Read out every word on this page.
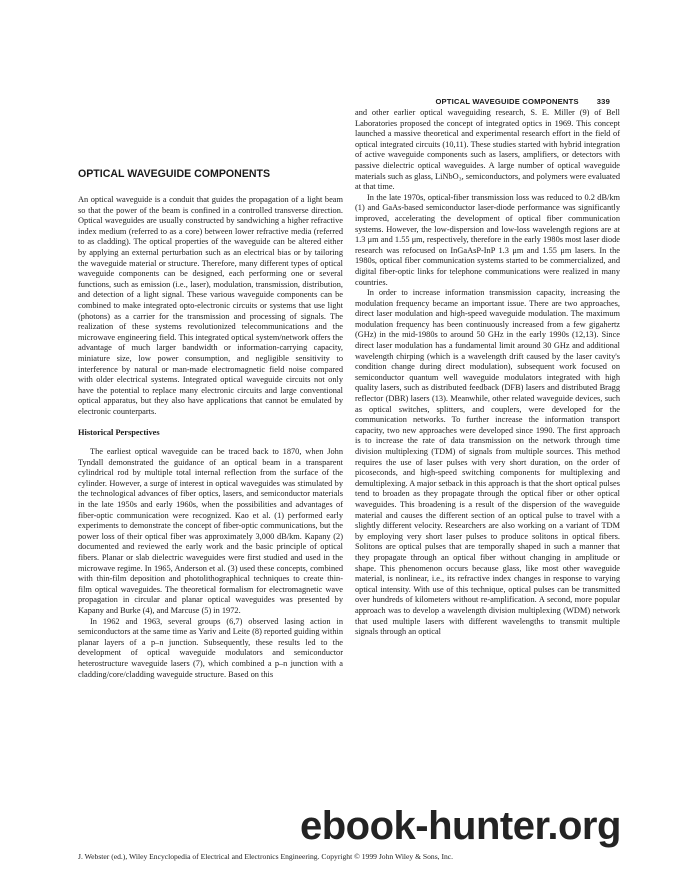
OPTICAL WAVEGUIDE COMPONENTS 339
OPTICAL WAVEGUIDE COMPONENTS

An optical waveguide is a conduit that guides the propagation of a light beam so that the power of the beam is confined in a controlled transverse direction. Optical waveguides are usually constructed by sandwiching a higher refractive index medium (referred to as a core) between lower refractive media (referred to as cladding). The optical properties of the waveguide can be altered either by applying an external perturbation such as an electrical bias or by tailoring the waveguide material or structure. Therefore, many different types of optical waveguide components can be designed, each performing one or several functions, such as emission (i.e., laser), modulation, transmission, distribution, and detection of a light signal. These various waveguide components can be combined to make integrated opto-electronic circuits or systems that use light (photons) as a carrier for the transmission and processing of signals. The realization of these systems revolutionized telecommunications and the microwave engineering field. This integrated optical system/network offers the advantage of much larger bandwidth or information-carrying capacity, miniature size, low power consumption, and negligible sensitivity to interference by natural or man-made electromagnetic field noise compared with older electrical systems. Integrated optical waveguide circuits not only have the potential to replace many electronic circuits and large conventional optical apparatus, but they also have applications that cannot be emulated by electronic counterparts.

Historical Perspectives

The earliest optical waveguide can be traced back to 1870, when John Tyndall demonstrated the guidance of an optical beam in a transparent cylindrical rod by multiple total internal reflection from the surface of the cylinder. However, a surge of interest in optical waveguides was stimulated by the technological advances of fiber optics, lasers, and semiconductor materials in the late 1950s and early 1960s, when the possibilities and advantages of fiber-optic communication were recognized. Kao et al. (1) performed early experiments to demonstrate the concept of fiber-optic communications, but the power loss of their optical fiber was approximately 3,000 dB/km. Kapany (2) documented and reviewed the early work and the basic principle of optical fibers. Planar or slab dielectric waveguides were first studied and used in the microwave regime. In 1965, Anderson et al. (3) used these concepts, combined with thin-film deposition and photolithographical techniques to create thin-film optical waveguides. The theoretical formalism for electromagnetic wave propagation in circular and planar optical waveguides was presented by Kapany and Burke (4), and Marcuse (5) in 1972.

In 1962 and 1963, several groups (6,7) observed lasing action in semiconductors at the same time as Yariv and Leite (8) reported guiding within planar layers of a p–n junction. Subsequently, these results led to the development of optical waveguide modulators and semiconductor heterostructure waveguide lasers (7), which combined a p–n junction with a cladding/core/cladding waveguide structure. Based on this

and other earlier optical waveguiding research, S. E. Miller (9) of Bell Laboratories proposed the concept of integrated optics in 1969. This concept launched a massive theoretical and experimental research effort in the field of optical integrated circuits (10,11). These studies started with hybrid integration of active waveguide components such as lasers, amplifiers, or detectors with passive dielectric optical waveguides. A large number of optical waveguide materials such as glass, LiNbO₃, semiconductors, and polymers were evaluated at that time.

In the late 1970s, optical-fiber transmission loss was reduced to 0.2 dB/km (1) and GaAs-based semiconductor laser-diode performance was significantly improved, accelerating the development of optical fiber communication systems. However, the low-dispersion and low-loss wavelength regions are at 1.3 μm and 1.55 μm, respectively, therefore in the early 1980s most laser diode research was refocused on InGaAsP-InP 1.3 μm and 1.55 μm lasers. In the 1980s, optical fiber communication systems started to be commercialized, and digital fiber-optic links for telephone communications were realized in many countries.

In order to increase information transmission capacity, increasing the modulation frequency became an important issue. There are two approaches, direct laser modulation and high-speed waveguide modulation. The maximum modulation frequency has been continuously increased from a few gigahertz (GHz) in the mid-1980s to around 50 GHz in the early 1990s (12,13). Since direct laser modulation has a fundamental limit around 30 GHz and additional wavelength chirping (which is a wavelength drift caused by the laser cavity's condition change during direct modulation), subsequent work focused on semiconductor quantum well waveguide modulators integrated with high quality lasers, such as distributed feedback (DFB) lasers and distributed Bragg reflector (DBR) lasers (13). Meanwhile, other related waveguide devices, such as optical switches, splitters, and couplers, were developed for the communication networks. To further increase the information transport capacity, two new approaches were developed since 1990. The first approach is to increase the rate of data transmission on the network through time division multiplexing (TDM) of signals from multiple sources. This method requires the use of laser pulses with very short duration, on the order of picoseconds, and high-speed switching components for multiplexing and demultiplexing. A major setback in this approach is that the short optical pulses tend to broaden as they propagate through the optical fiber or other optical waveguides. This broadening is a result of the dispersion of the waveguide material and causes the different section of an optical pulse to travel with a slightly different velocity. Researchers are also working on a variant of TDM by employing very short laser pulses to produce solitons in optical fibers. Solitons are optical pulses that are temporally shaped in such a manner that they propagate through an optical fiber without changing in amplitude or shape. This phenomenon occurs because glass, like most other waveguide material, is nonlinear, i.e., its refractive index changes in response to varying optical intensity. With use of this technique, optical pulses can be transmitted over hundreds of kilometers without re-amplification. A second, more popular approach was to develop a wavelength division multiplexing (WDM) network that used multiple lasers with different wavelengths to transmit multiple signals through an optical

J. Webster (ed.), Wiley Encyclopedia of Electrical and Electronics Engineering. Copyright © 1999 John Wiley & Sons, Inc.
ebook-hunter.org
